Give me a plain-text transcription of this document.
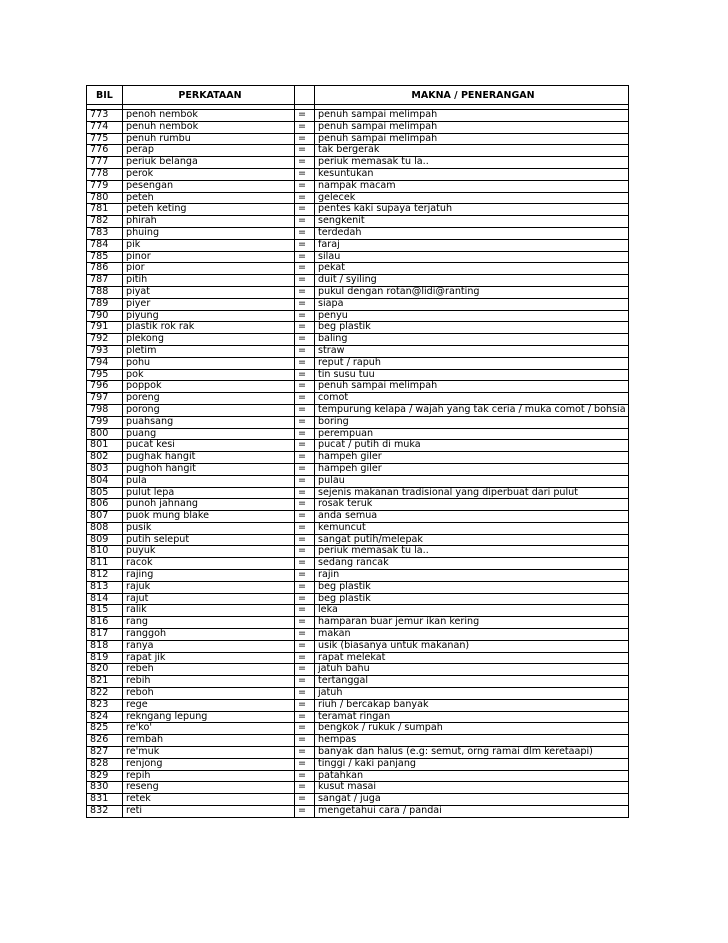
BIL	PERKATAAN		MAKNA / PENERANGAN

773	penoh nembok	=	penuh sampai melimpah
774	penuh nembok	=	penuh sampai melimpah
775	penuh rumbu	=	penuh sampai melimpah
776	perap	=	tak bergerak
777	periuk belanga	=	periuk memasak tu la..
778	perok	=	kesuntukan
779	pesengan	=	nampak macam
780	peteh	=	gelecek
781	peteh keting	=	pentes kaki supaya terjatuh
782	phirah	=	sengkenit
783	phuing	=	terdedah
784	pik	=	faraj
785	pinor	=	silau
786	pior	=	pekat
787	pitih	=	duit / syiling
788	piyat	=	pukul dengan rotan@lidi@ranting
789	piyer	=	siapa
790	piyung	=	penyu
791	plastik rok rak	=	beg plastik
792	plekong	=	baling
793	pletim	=	straw
794	pohu	=	reput / rapuh
795	pok	=	tin susu tuu
796	poppok	=	penuh sampai melimpah
797	poreng	=	comot
798	porong	=	tempurung kelapa / wajah yang tak ceria / muka comot / bohsia
799	puahsang	=	boring
800	puang	=	perempuan
801	pucat kesi	=	pucat / putih di muka
802	pughak hangit	=	hampeh giler
803	pughoh hangit	=	hampeh giler
804	pula	=	pulau
805	pulut lepa	=	sejenis makanan tradisional yang diperbuat dari pulut
806	punoh jahnang	=	rosak teruk
807	puok mung blake	=	anda semua
808	pusik	=	kemuncut
809	putih seleput	=	sangat putih/melepak
810	puyuk	=	periuk memasak tu la..
811	racok	=	sedang rancak
812	rajing	=	rajin
813	rajuk	=	beg plastik
814	rajut	=	beg plastik
815	ralik	=	leka
816	rang	=	hamparan buar jemur ikan kering
817	ranggoh	=	makan
818	ranya	=	usik (biasanya untuk makanan)
819	rapat jik	=	rapat melekat
820	rebeh	=	jatuh bahu
821	rebih	=	tertanggal
822	reboh	=	jatuh
823	rege	=	riuh / bercakap banyak
824	rekngang lepung	=	teramat ringan
825	re'ko'	=	bengkok / rukuk / sumpah
826	rembah	=	hempas
827	re'muk	=	banyak dan halus (e.g: semut, orng ramai dlm keretaapi)
828	renjong	=	tinggi / kaki panjang
829	repih	=	patahkan
830	reseng	=	kusut masai
831	retek	=	sangat / juga
832	reti	=	mengetahui cara / pandai
